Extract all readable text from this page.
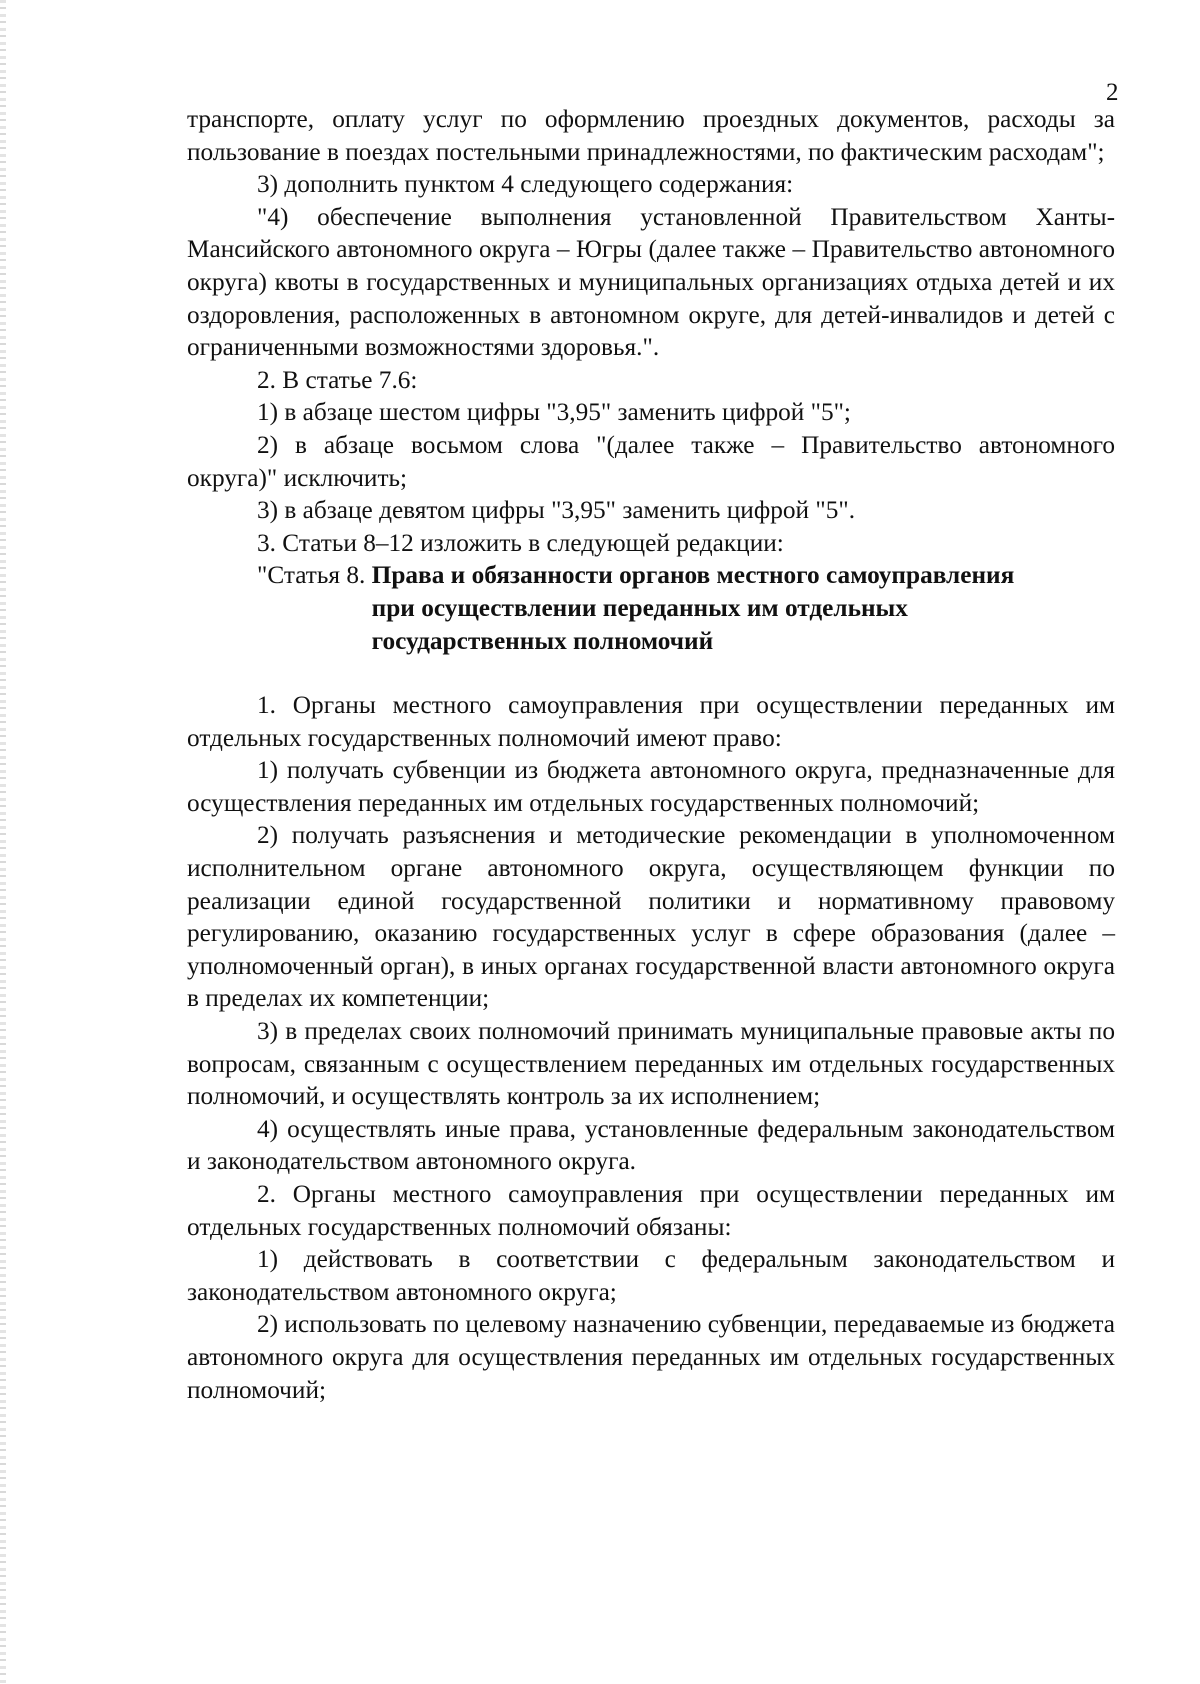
2

транспорте, оплату услуг по оформлению проездных документов, расходы за пользование в поездах постельными принадлежностями, по фактическим расходам";

3) дополнить пунктом 4 следующего содержания:

"4) обеспечение выполнения установленной Правительством Ханты-Мансийского автономного округа – Югры (далее также – Правительство автономного округа) квоты в государственных и муниципальных организациях отдыха детей и их оздоровления, расположенных в автономном округе, для детей-инвалидов и детей с ограниченными возможностями здоровья.".

2. В статье 7.6:

1) в абзаце шестом цифры "3,95" заменить цифрой "5";

2) в абзаце восьмом слова "(далее также – Правительство автономного округа)" исключить;

3) в абзаце девятом цифры "3,95" заменить цифрой "5".

3. Статьи 8–12 изложить в следующей редакции:

"Статья 8. Права и обязанности органов местного самоуправления
при осуществлении переданных им отдельных
государственных полномочий

1. Органы местного самоуправления при осуществлении переданных им отдельных государственных полномочий имеют право:

1) получать субвенции из бюджета автономного округа, предназначенные для осуществления переданных им отдельных государственных полномочий;

2) получать разъяснения и методические рекомендации в уполномоченном исполнительном органе автономного округа, осуществляющем функции по реализации единой государственной политики и нормативному правовому регулированию, оказанию государственных услуг в сфере образования (далее – уполномоченный орган), в иных органах государственной власти автономного округа в пределах их компетенции;

3) в пределах своих полномочий принимать муниципальные правовые акты по вопросам, связанным с осуществлением переданных им отдельных государственных полномочий, и осуществлять контроль за их исполнением;

4) осуществлять иные права, установленные федеральным законодательством и законодательством автономного округа.

2. Органы местного самоуправления при осуществлении переданных им отдельных государственных полномочий обязаны:

1) действовать в соответствии с федеральным законодательством и законодательством автономного округа;

2) использовать по целевому назначению субвенции, передаваемые из бюджета автономного округа для осуществления переданных им отдельных государственных полномочий;
